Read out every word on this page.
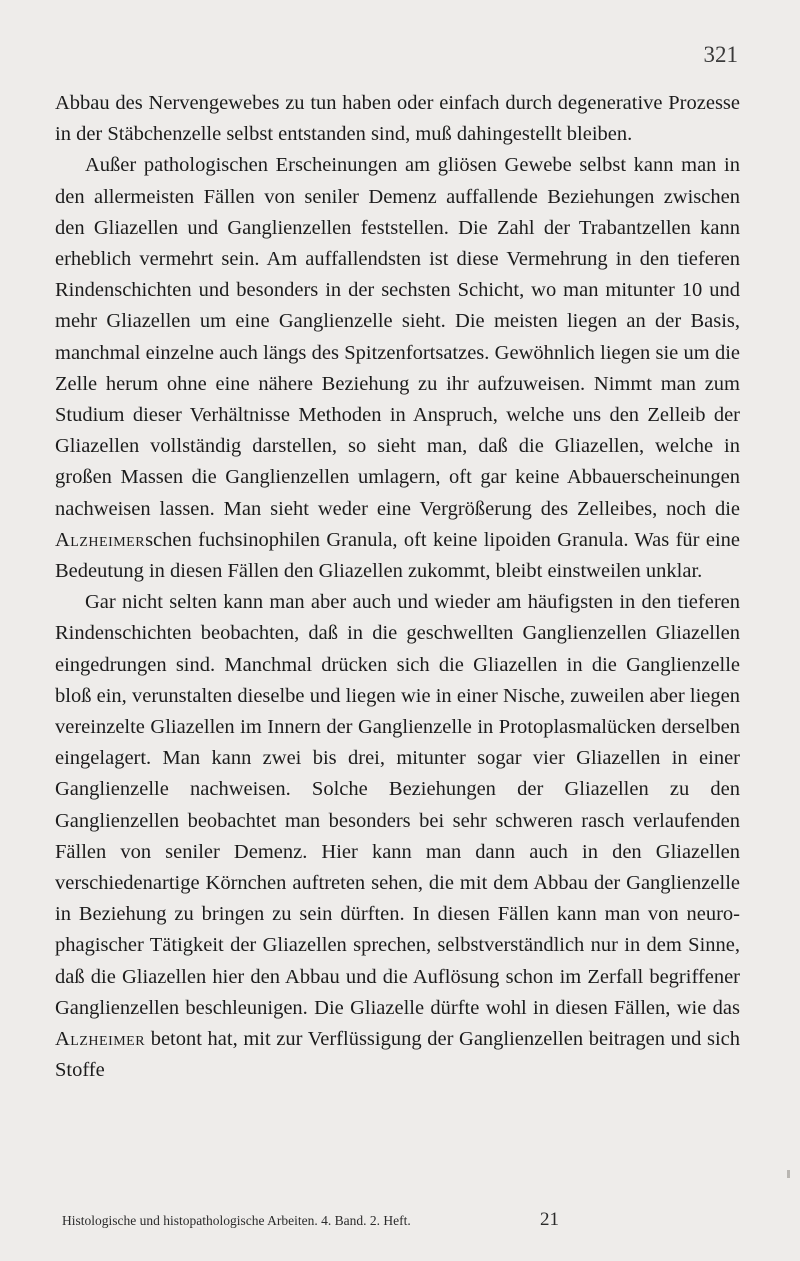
321

Abbau des Nervengewebes zu tun haben oder einfach durch degenerative Prozesse in der Stäbchenzelle selbst entstanden sind, muß dahingestellt bleiben.

Außer pathologischen Erscheinungen am gliösen Gewebe selbst kann man in den allermeisten Fällen von seniler Demenz auffallende Beziehungen zwischen den Gliazellen und Ganglienzellen feststellen. Die Zahl der Trabantzellen kann erheblich vermehrt sein. Am auffallendsten ist diese Vermehrung in den tieferen Rindenschichten und besonders in der sechsten Schicht, wo man mitunter 10 und mehr Gliazellen um eine Ganglienzelle sieht. Die meisten liegen an der Basis, manchmal einzelne auch längs des Spitzenfortsatzes. Gewöhnlich liegen sie um die Zelle herum ohne eine nähere Beziehung zu ihr aufzuweisen. Nimmt man zum Studium dieser Verhältnisse Methoden in Anspruch, welche uns den Zelleib der Gliazellen vollständig darstellen, so sieht man, daß die Gliazellen, welche in großen Massen die Ganglienzellen umlagern, oft gar keine Abbauerscheinungen nachweisen lassen. Man sieht weder eine Vergrößerung des Zelleibes, noch die Alzheimerschen fuchsinophilen Granula, oft keine lipoiden Granula. Was für eine Bedeutung in diesen Fällen den Gliazellen zukommt, bleibt einstweilen unklar.

Gar nicht selten kann man aber auch und wieder am häufigsten in den tieferen Rindenschichten beobachten, daß in die geschwellten Ganglienzellen Gliazellen eingedrungen sind. Manchmal drücken sich die Gliazellen in die Ganglienzelle bloß ein, verunstalten dieselbe und liegen wie in einer Nische, zuweilen aber liegen vereinzelte Gliazellen im Innern der Ganglienzelle in Protoplasmalücken derselben eingelagert. Man kann zwei bis drei, mitunter sogar vier Gliazellen in einer Ganglienzelle nachweisen. Solche Beziehungen der Gliazellen zu den Ganglienzellen beobachtet man besonders bei sehr schweren rasch verlaufenden Fällen von seniler Demenz. Hier kann man dann auch in den Gliazellen verschiedenartige Körnchen auftreten sehen, die mit dem Abbau der Ganglienzelle in Beziehung zu bringen zu sein dürften. In diesen Fällen kann man von neurophagischer Tätigkeit der Gliazellen sprechen, selbstverständlich nur in dem Sinne, daß die Gliazellen hier den Abbau und die Auflösung schon im Zerfall begriffener Ganglienzellen beschleunigen. Die Gliazelle dürfte wohl in diesen Fällen, wie das Alzheimer betont hat, mit zur Verflüssigung der Ganglienzellen beitragen und sich Stoffe

Histologische und histopathologische Arbeiten. 4. Band. 2. Heft.	21
